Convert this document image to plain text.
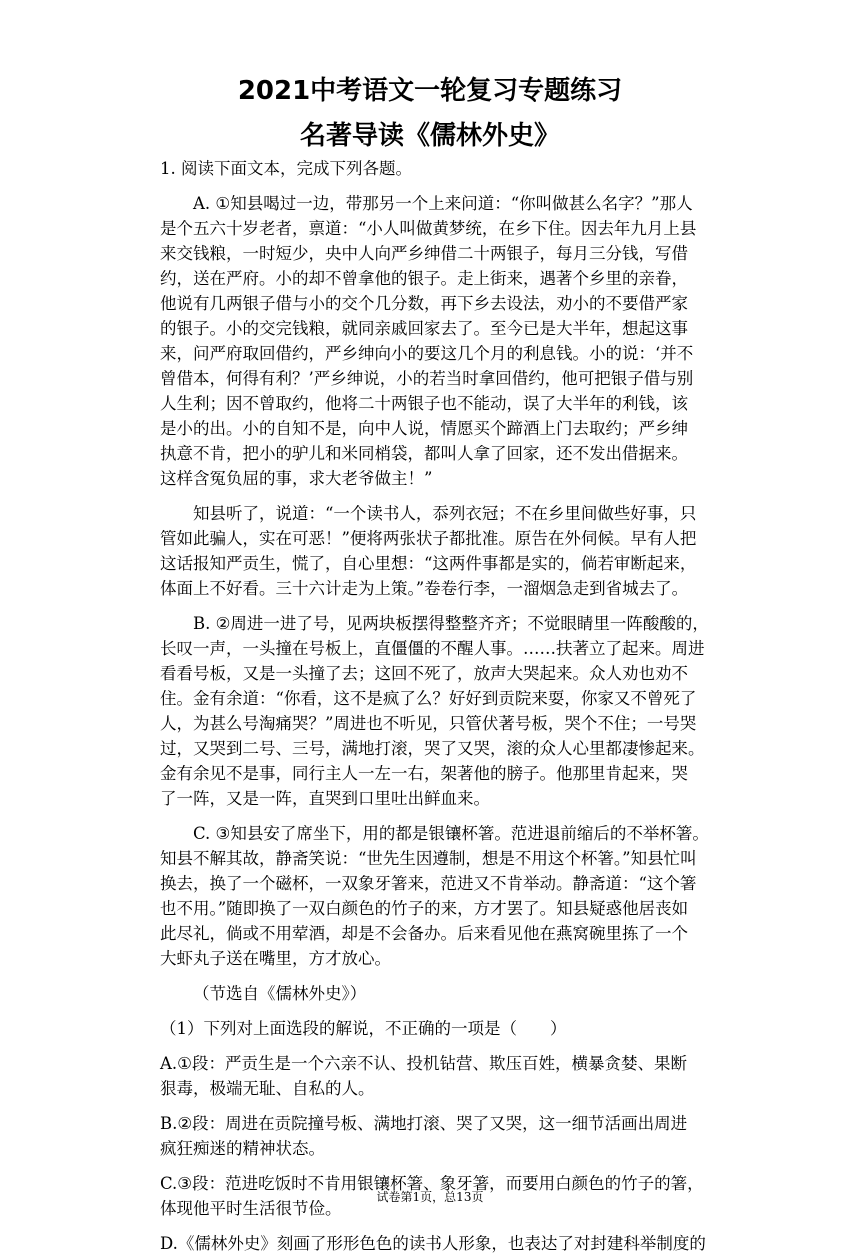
2021中考语文一轮复习专题练习
名著导读《儒林外史》
1. 阅读下面文本，完成下列各题。
A. ①知县喝过一边，带那另一个上来问道：“你叫做甚么名字？”那人
是个五六十岁老者，禀道：“小人叫做黄梦统，在乡下住。因去年九月上县
来交钱粮，一时短少，央中人向严乡绅借二十两银子，每月三分钱，写借
约，送在严府。小的却不曾拿他的银子。走上街来，遇著个乡里的亲眷，
他说有几两银子借与小的交个几分数，再下乡去设法，劝小的不要借严家
的银子。小的交完钱粮，就同亲戚回家去了。至今已是大半年，想起这事
来，问严府取回借约，严乡绅向小的要这几个月的利息钱。小的说：‘并不
曾借本，何得有利？’严乡绅说，小的若当时拿回借约，他可把银子借与别
人生利；因不曾取约，他将二十两银子也不能动，误了大半年的利钱，该
是小的出。小的自知不是，向中人说，情愿买个蹄酒上门去取约；严乡绅
执意不肯，把小的驴儿和米同梢袋，都叫人拿了回家，还不发出借据来。
这样含冤负屈的事，求大老爷做主！”
知县听了，说道：“一个读书人，忝列衣冠；不在乡里间做些好事，只
管如此骗人，实在可恶！”便将两张状子都批准。原告在外伺候。早有人把
这话报知严贡生，慌了，自心里想：“这两件事都是实的，倘若审断起来，
体面上不好看。三十六计走为上策。”卷卷行李，一溜烟急走到省城去了。
B. ②周进一进了号，见两块板摆得整整齐齐；不觉眼睛里一阵酸酸的，
长叹一声，一头撞在号板上，直僵僵的不醒人事。……扶著立了起来。周进
看看号板，又是一头撞了去；这回不死了，放声大哭起来。众人劝也劝不
住。金有余道：“你看，这不是疯了么？好好到贡院来耍，你家又不曾死了
人，为甚么号淘痛哭？”周进也不听见，只管伏著号板，哭个不住；一号哭
过，又哭到二号、三号，满地打滚，哭了又哭，滚的众人心里都凄惨起来。
金有余见不是事，同行主人一左一右，架著他的膀子。他那里肯起来，哭
了一阵，又是一阵，直哭到口里吐出鲜血来。
C. ③知县安了席坐下，用的都是银镶杯箸。范进退前缩后的不举杯箸。
知县不解其故，静斋笑说：“世先生因遵制，想是不用这个杯箸。”知县忙叫
换去，换了一个磁杯，一双象牙箸来，范进又不肯举动。静斋道：“这个箸
也不用。”随即换了一双白颜色的竹子的来，方才罢了。知县疑惑他居丧如
此尽礼，倘或不用荤酒，却是不会备办。后来看见他在燕窝碗里拣了一个
大虾丸子送在嘴里，方才放心。
（节选自《儒林外史》）
（1）下列对上面选段的解说，不正确的一项是（　　）
A.①段：严贡生是一个六亲不认、投机钻营、欺压百姓，横暴贪婪、果断
狠毒，极端无耻、自私的人。
B.②段：周进在贡院撞号板、满地打滚、哭了又哭，这一细节活画出周进
疯狂痴迷的精神状态。
C.③段：范进吃饭时不肯用银镶杯箸、象牙箸，而要用白颜色的竹子的箸，
体现他平时生活很节俭。
D.《儒林外史》刻画了形形色色的读书人形象，也表达了对封建科举制度的
试卷第1页，总13页
